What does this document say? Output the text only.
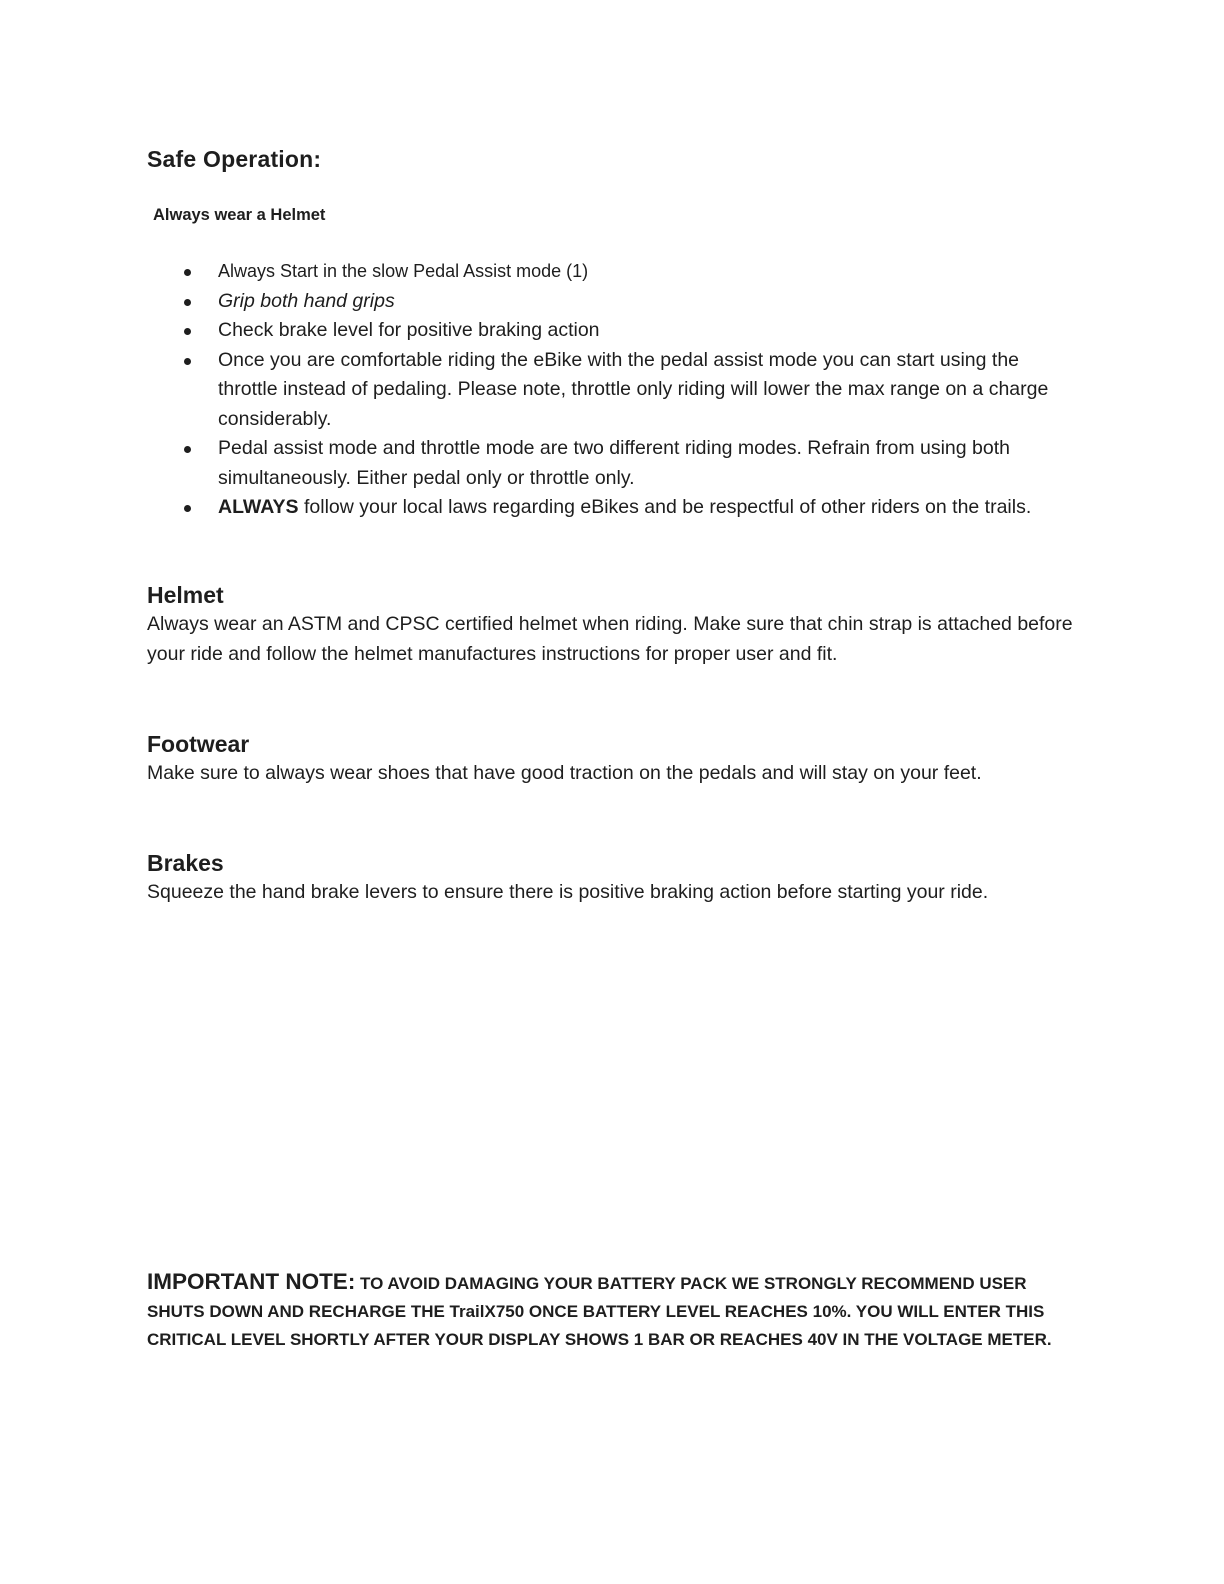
Safe Operation:
Always wear a Helmet
Always Start in the slow Pedal Assist mode (1)
Grip both hand grips
Check brake level for positive braking action
Once you are comfortable riding the eBike with the pedal assist mode you can start using the throttle instead of pedaling. Please note, throttle only riding will lower the max range on a charge considerably.
Pedal assist mode and throttle mode are two different riding modes. Refrain from using both simultaneously. Either pedal only or throttle only.
ALWAYS follow your local laws regarding eBikes and be respectful of other riders on the trails.
Helmet

Always wear an ASTM and CPSC certified helmet when riding. Make sure that chin strap is attached before your ride and follow the helmet manufactures instructions for proper user and fit.

Footwear

Make sure to always wear shoes that have good traction on the pedals and will stay on your feet.

Brakes

Squeeze the hand brake levers to ensure there is positive braking action before starting your ride.

IMPORTANT NOTE: TO AVOID DAMAGING YOUR BATTERY PACK WE STRONGLY RECOMMEND USER SHUTS DOWN AND RECHARGE THE TrailX750 ONCE BATTERY LEVEL REACHES 10%. YOU WILL ENTER THIS CRITICAL LEVEL SHORTLY AFTER YOUR DISPLAY SHOWS 1 BAR OR REACHES 40V IN THE VOLTAGE METER.
